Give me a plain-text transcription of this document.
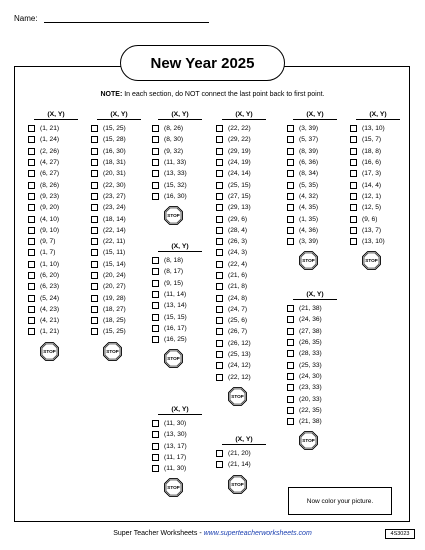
Name:
New Year 2025
NOTE: In each section, do NOT connect the last point back to first point.
(X, Y)
(1, 21)
(1, 24)
(2, 26)
(4, 27)
(6, 27)
(8, 26)
(9, 23)
(9, 20)
(4, 10)
(9, 10)
(9, 7)
(1, 7)
(1, 10)
(6, 20)
(6, 23)
(5, 24)
(4, 23)
(4, 21)
(1, 21)
STOP
(X, Y)
(15, 25)
(15, 28)
(16, 30)
(18, 31)
(20, 31)
(22, 30)
(23, 27)
(23, 24)
(18, 14)
(22, 14)
(22, 11)
(15, 11)
(15, 14)
(20, 24)
(20, 27)
(19, 28)
(18, 27)
(18, 25)
(15, 25)
STOP
(X, Y)
(8, 26)
(8, 30)
(9, 32)
(11, 33)
(13, 33)
(15, 32)
(16, 30)
STOP
(X, Y)
(8, 18)
(8, 17)
(9, 15)
(11, 14)
(13, 14)
(15, 15)
(16, 17)
(16, 25)
STOP
(X, Y)
(11, 30)
(13, 30)
(13, 17)
(11, 17)
(11, 30)
STOP
(X, Y)
(22, 22)
(29, 22)
(29, 19)
(24, 19)
(24, 14)
(25, 15)
(27, 15)
(29, 13)
(29, 6)
(28, 4)
(26, 3)
(24, 3)
(22, 4)
(21, 6)
(21, 8)
(24, 8)
(24, 7)
(25, 6)
(26, 7)
(26, 12)
(25, 13)
(24, 12)
(22, 12)
STOP
(X, Y)
(21, 20)
(21, 14)
STOP
(X, Y)
(3, 39)
(5, 37)
(8, 39)
(6, 36)
(8, 34)
(5, 35)
(4, 32)
(4, 35)
(1, 35)
(4, 36)
(3, 39)
STOP
(X, Y)
(21, 38)
(24, 36)
(27, 38)
(26, 35)
(28, 33)
(25, 33)
(24, 30)
(23, 33)
(20, 33)
(22, 35)
(21, 38)
STOP
(X, Y)
(13, 10)
(15, 7)
(18, 8)
(16, 6)
(17, 3)
(14, 4)
(12, 1)
(12, 5)
(9, 6)
(13, 7)
(13, 10)
STOP
Now color your picture.
Super Teacher Worksheets - www.superteacherworksheets.com	4S3023
